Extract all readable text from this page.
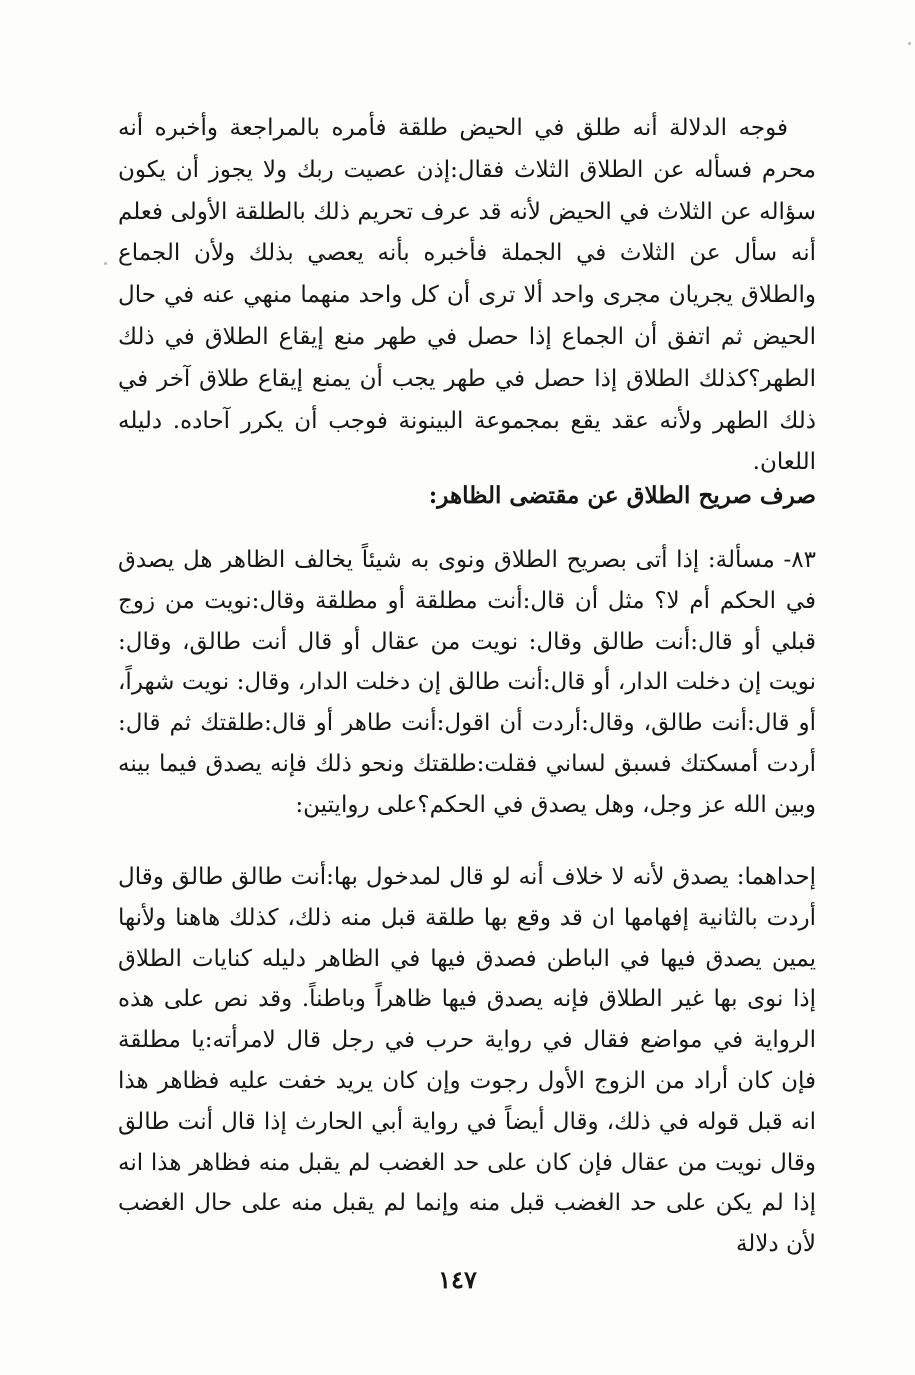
فوجه الدلالة أنه طلق في الحيض طلقة فأمره بالمراجعة وأخبره أنه محرم فسأله عن الطلاق الثلاث فقال:إذن عصيت ربك ولا يجوز أن يكون سؤاله عن الثلاث في الحيض لأنه قد عرف تحريم ذلك بالطلقة الأولى فعلم أنه سأل عن الثلاث في الجملة فأخبره بأنه يعصي بذلك ولأن الجماع والطلاق يجريان مجرى واحد ألا ترى أن كل واحد منهما منهي عنه في حال الحيض ثم اتفق أن الجماع إذا حصل في طهر منع إيقاع الطلاق في ذلك الطهر؟كذلك الطلاق إذا حصل في طهر يجب أن يمنع إيقاع طلاق آخر في ذلك الطهر ولأنه عقد يقع بمجموعة البينونة فوجب أن يكرر آحاده. دليله اللعان.

صرف صريح الطلاق عن مقتضى الظاهر:

٨٣- مسألة: إذا أتى بصريح الطلاق ونوى به شيئاً يخالف الظاهر هل يصدق في الحكم أم لا؟ مثل أن قال:أنت مطلقة أو مطلقة وقال:نويت من زوج قبلي أو قال:أنت طالق وقال: نويت من عقال أو قال أنت طالق، وقال: نويت إن دخلت الدار، أو قال:أنت طالق إن دخلت الدار، وقال: نويت شهراً، أو قال:أنت طالق، وقال:أردت أن اقول:أنت طاهر أو قال:طلقتك ثم قال: أردت أمسكتك فسبق لساني فقلت:طلقتك ونحو ذلك فإنه يصدق فيما بينه وبين الله عز وجل، وهل يصدق في الحكم؟على روايتين:

إحداهما: يصدق لأنه لا خلاف أنه لو قال لمدخول بها:أنت طالق طالق وقال أردت بالثانية إفهامها ان قد وقع بها طلقة قبل منه ذلك، كذلك هاهنا ولأنها يمين يصدق فيها في الباطن فصدق فيها في الظاهر دليله كنايات الطلاق إذا نوى بها غير الطلاق فإنه يصدق فيها ظاهراً وباطناً. وقد نص على هذه الرواية في مواضع فقال في رواية حرب في رجل قال لامرأته:يا مطلقة فإن كان أراد من الزوج الأول رجوت وإن كان يريد خفت عليه فظاهر هذا انه قبل قوله في ذلك، وقال أيضاً في رواية أبي الحارث إذا قال أنت طالق وقال نويت من عقال فإن كان على حد الغضب لم يقبل منه فظاهر هذا انه إذا لم يكن على حد الغضب قبل منه وإنما لم يقبل منه على حال الغضب لأن دلالة

١٤٧
